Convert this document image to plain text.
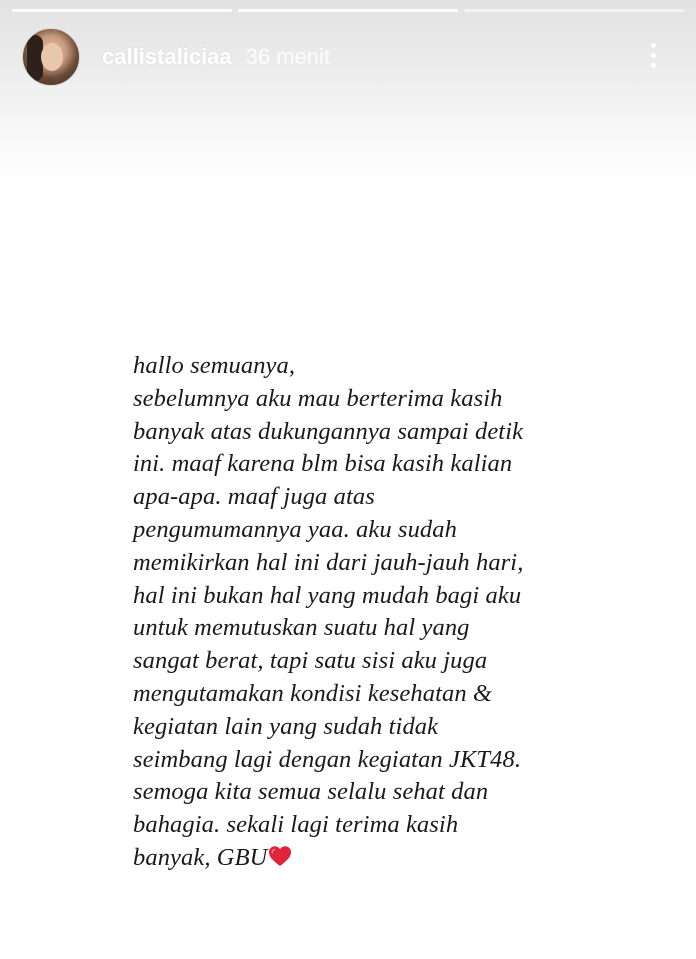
callistaliciaa 36 menit
hallo semuanya,
sebelumnya aku mau berterima kasih
banyak atas dukungannya sampai detik
ini. maaf karena blm bisa kasih kalian
apa-apa. maaf juga atas
pengumumannya yaa. aku sudah
memikirkan hal ini dari jauh-jauh hari,
hal ini bukan hal yang mudah bagi aku
untuk memutuskan suatu hal yang
sangat berat, tapi satu sisi aku juga
mengutamakan kondisi kesehatan &
kegiatan lain yang sudah tidak
seimbang lagi dengan kegiatan JKT48.
semoga kita semua selalu sehat dan
bahagia. sekali lagi terima kasih
banyak, GBU
